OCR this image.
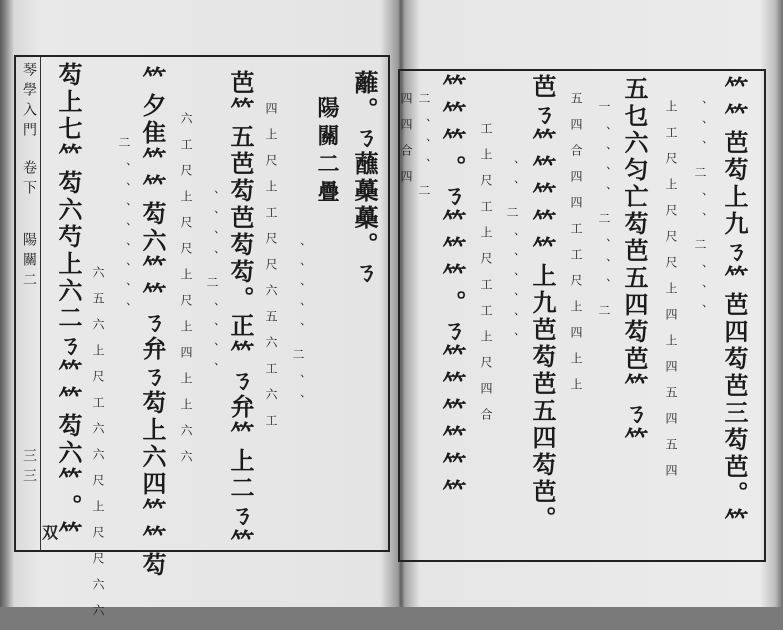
琴學入門
卷下
陽關二
三三
蘺。ㄋ蘸蘽蘽。ㄋ
陽關二疊
、、、、、二、、
四上尺上工尺尺六五六工六工
芭𥫗五芭芶芭芶芶。正𥫗ㄋ弁𥫗上二ㄋ𥫗
、、、、二、、、、
六工尺上尺尺上尺上四上上六六
𥫗夕隹𥫗𥫗芶六𥫗𥫗ㄋ弁ㄋ芶上六四𥫗𥫗芶
二、、、、、、、、
六五六上尺工六六尺上尺尺六六
芶上七𥫗芶六芍上六二ㄋ𥫗𥫗芶六𥫗。𥫗
双	𥫗𥫗芭芶上九ㄋ𥫗芭四芶芭三芶芭。𥫗
、、、二、、二、、、
上工尺上尺尺尺上四上四五四五四
五乜六匀亡芶芭五四芶芭𥫗ㄋ𥫗
一、、、、二、、、二
五四合四四工工尺上四上上
芭ㄋ𥫗𥫗𥫗𥫗𥫗上九芭芶芭五四芶芭。
、、二、、、、、、
工上尺工上尺工工上尺四合
𥫗𥫗𥫗。ㄋ𥫗𥫗𥫗。ㄋ𥫗𥫗𥫗𥫗𥫗𥫗
二、、、二
四四合四
